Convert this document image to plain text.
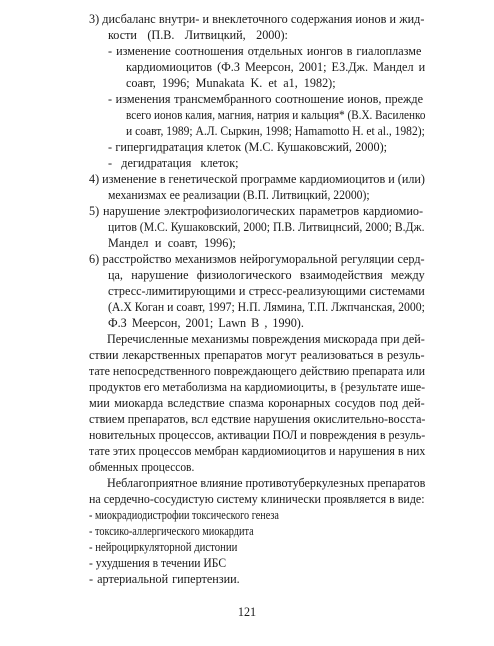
3) дисбаланс внутри- и внеклеточного содержания ионов и жид-
кости (П.В. Литвицкий, 2000):
- изменение соотношения отдельных ионгов в гиалоплазме
кардиомиоцитов (Ф.З Меерсон, 2001; ЕЗ.Дж. Мандел и
соавт, 1996; Munakata K. et a1, 1982);
- изменения трансмембранного соотношение ионов, прежде
всего ионов калия, магния, натрия и кальция* (В.Х. Василенко
и соавт, 1989; А.Л. Сыркин, 1998; Hamamotto H. et al., 1982);
- гипергидратация клеток (М.С. Кушаковсжий, 2000);
- дегидратация клеток;
4) изменение в генетической программе кардиомиоцитов и (или)
механизмах ее реализации (В.П. Литвицкий, 22000);
5) нарушение электрофизиологических параметров кардиомио-
цитов (М.С. Кушаковский, 2000; П.В. Литвицнсий, 2000; В.Дж.
Мандел и соавт, 1996);
6) расстройство механизмов нейрогуморальной регуляции серд-
ца, нарушение физиологического взаимодействия между
стресс-лимитирующими и стресс-реализующими системами
(А.Х Коган и соавт, 1997; Н.П. Лямина, Т.П. Лжпчанская, 2000;
Ф.З Меерсон, 2001; Lawn B , 1990).
Перечисленные механизмы повреждения мискорада при дей-
ствии лекарственных препаратов могут реализоваться в резуль-
тате непосредственного повреждающего действию препарата или
продуктов его метаболизма на кардиомиоциты, в {результате ише-
мии миокарда вследствие спазма коронарных сосудов под дей-
ствием препаратов, всл едствие нарушения окислительно-восста-
новительных процессов, активации ПОЛ и повреждения в резуль-
тате этих процессов мембран кардиомиоцитов и нарушения в них
обменных процессов.
Неблагоприятное влияние противотуберкулезных препаратов
на сердечно-сосудистую систему клинически проявляется в виде:
- миокрадиодистрофии токсического генеза
- токсико-аллергического миокардита
- нейроциркуляторной дистонии
- ухудшения в течении ИБС
- артериальной гипертензии.
121
